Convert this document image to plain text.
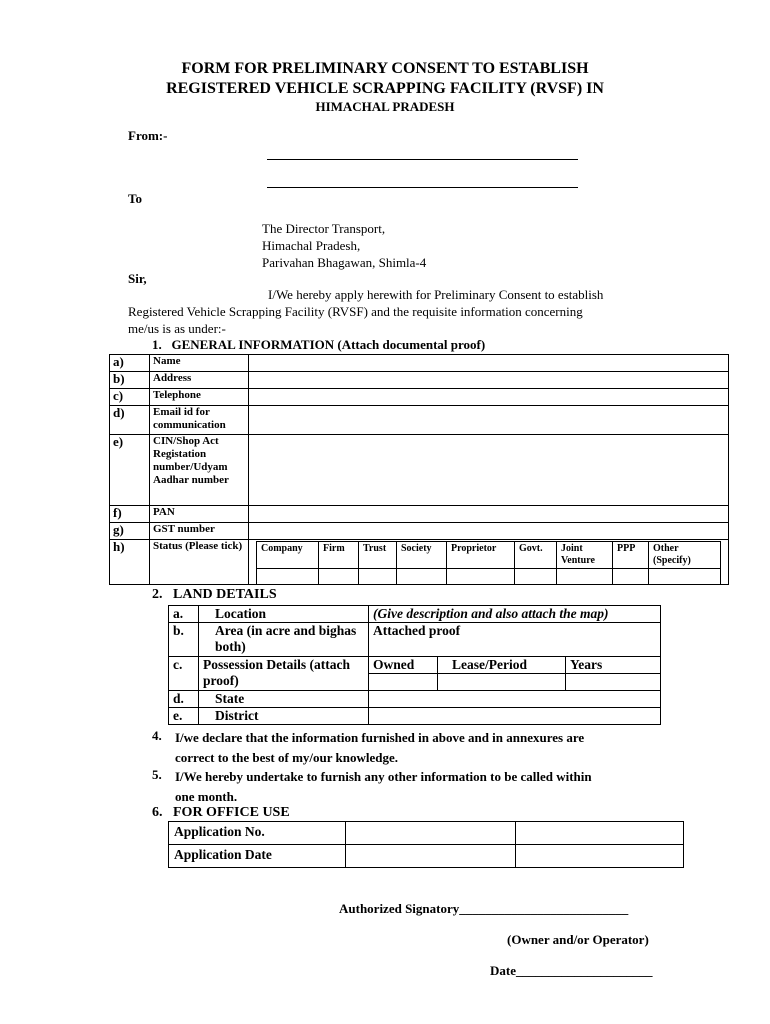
FORM FOR PRELIMINARY CONSENT TO ESTABLISH
REGISTERED VEHICLE SCRAPPING FACILITY (RVSF) IN
HIMACHAL PRADESH
From:-
To
The Director Transport,
Himachal Pradesh,
Parivahan Bhagawan, Shimla-4
Sir,
I/We hereby apply herewith for Preliminary Consent to establish
Registered Vehicle Scrapping Facility (RVSF) and the requisite information concerning
me/us is as under:-
1.   GENERAL INFORMATION (Attach documental proof)
a)	Name	
b)	Address	
c)	Telephone	
d)	Email id for communication	
e)	CIN/Shop Act Registation number/Udyam Aadhar number	
f)	PAN	
g)	GST number	
h)	Status (Please tick)	Company	Firm	Trust	Society	Proprietor	Govt.	Joint Venture	PPP	Other (Specify)

2.   LAND DETAILS
a.	Location	(Give description and also attach the map)		
b.	Area (in acre and bighas both)	Attached proof		
c.	Possession Details (attach proof)	Owned	Lease/Period	Years

d.	State			
e.	District			
4. I/we declare that the information furnished in above and in annexures are
correct to the best of my/our knowledge.
5. I/We hereby undertake to furnish any other information to be called within
one month.
6.   FOR OFFICE USE
Application No.		
Application Date		
Authorized Signatory__________________________
(Owner and/or Operator)
Date_____________________
